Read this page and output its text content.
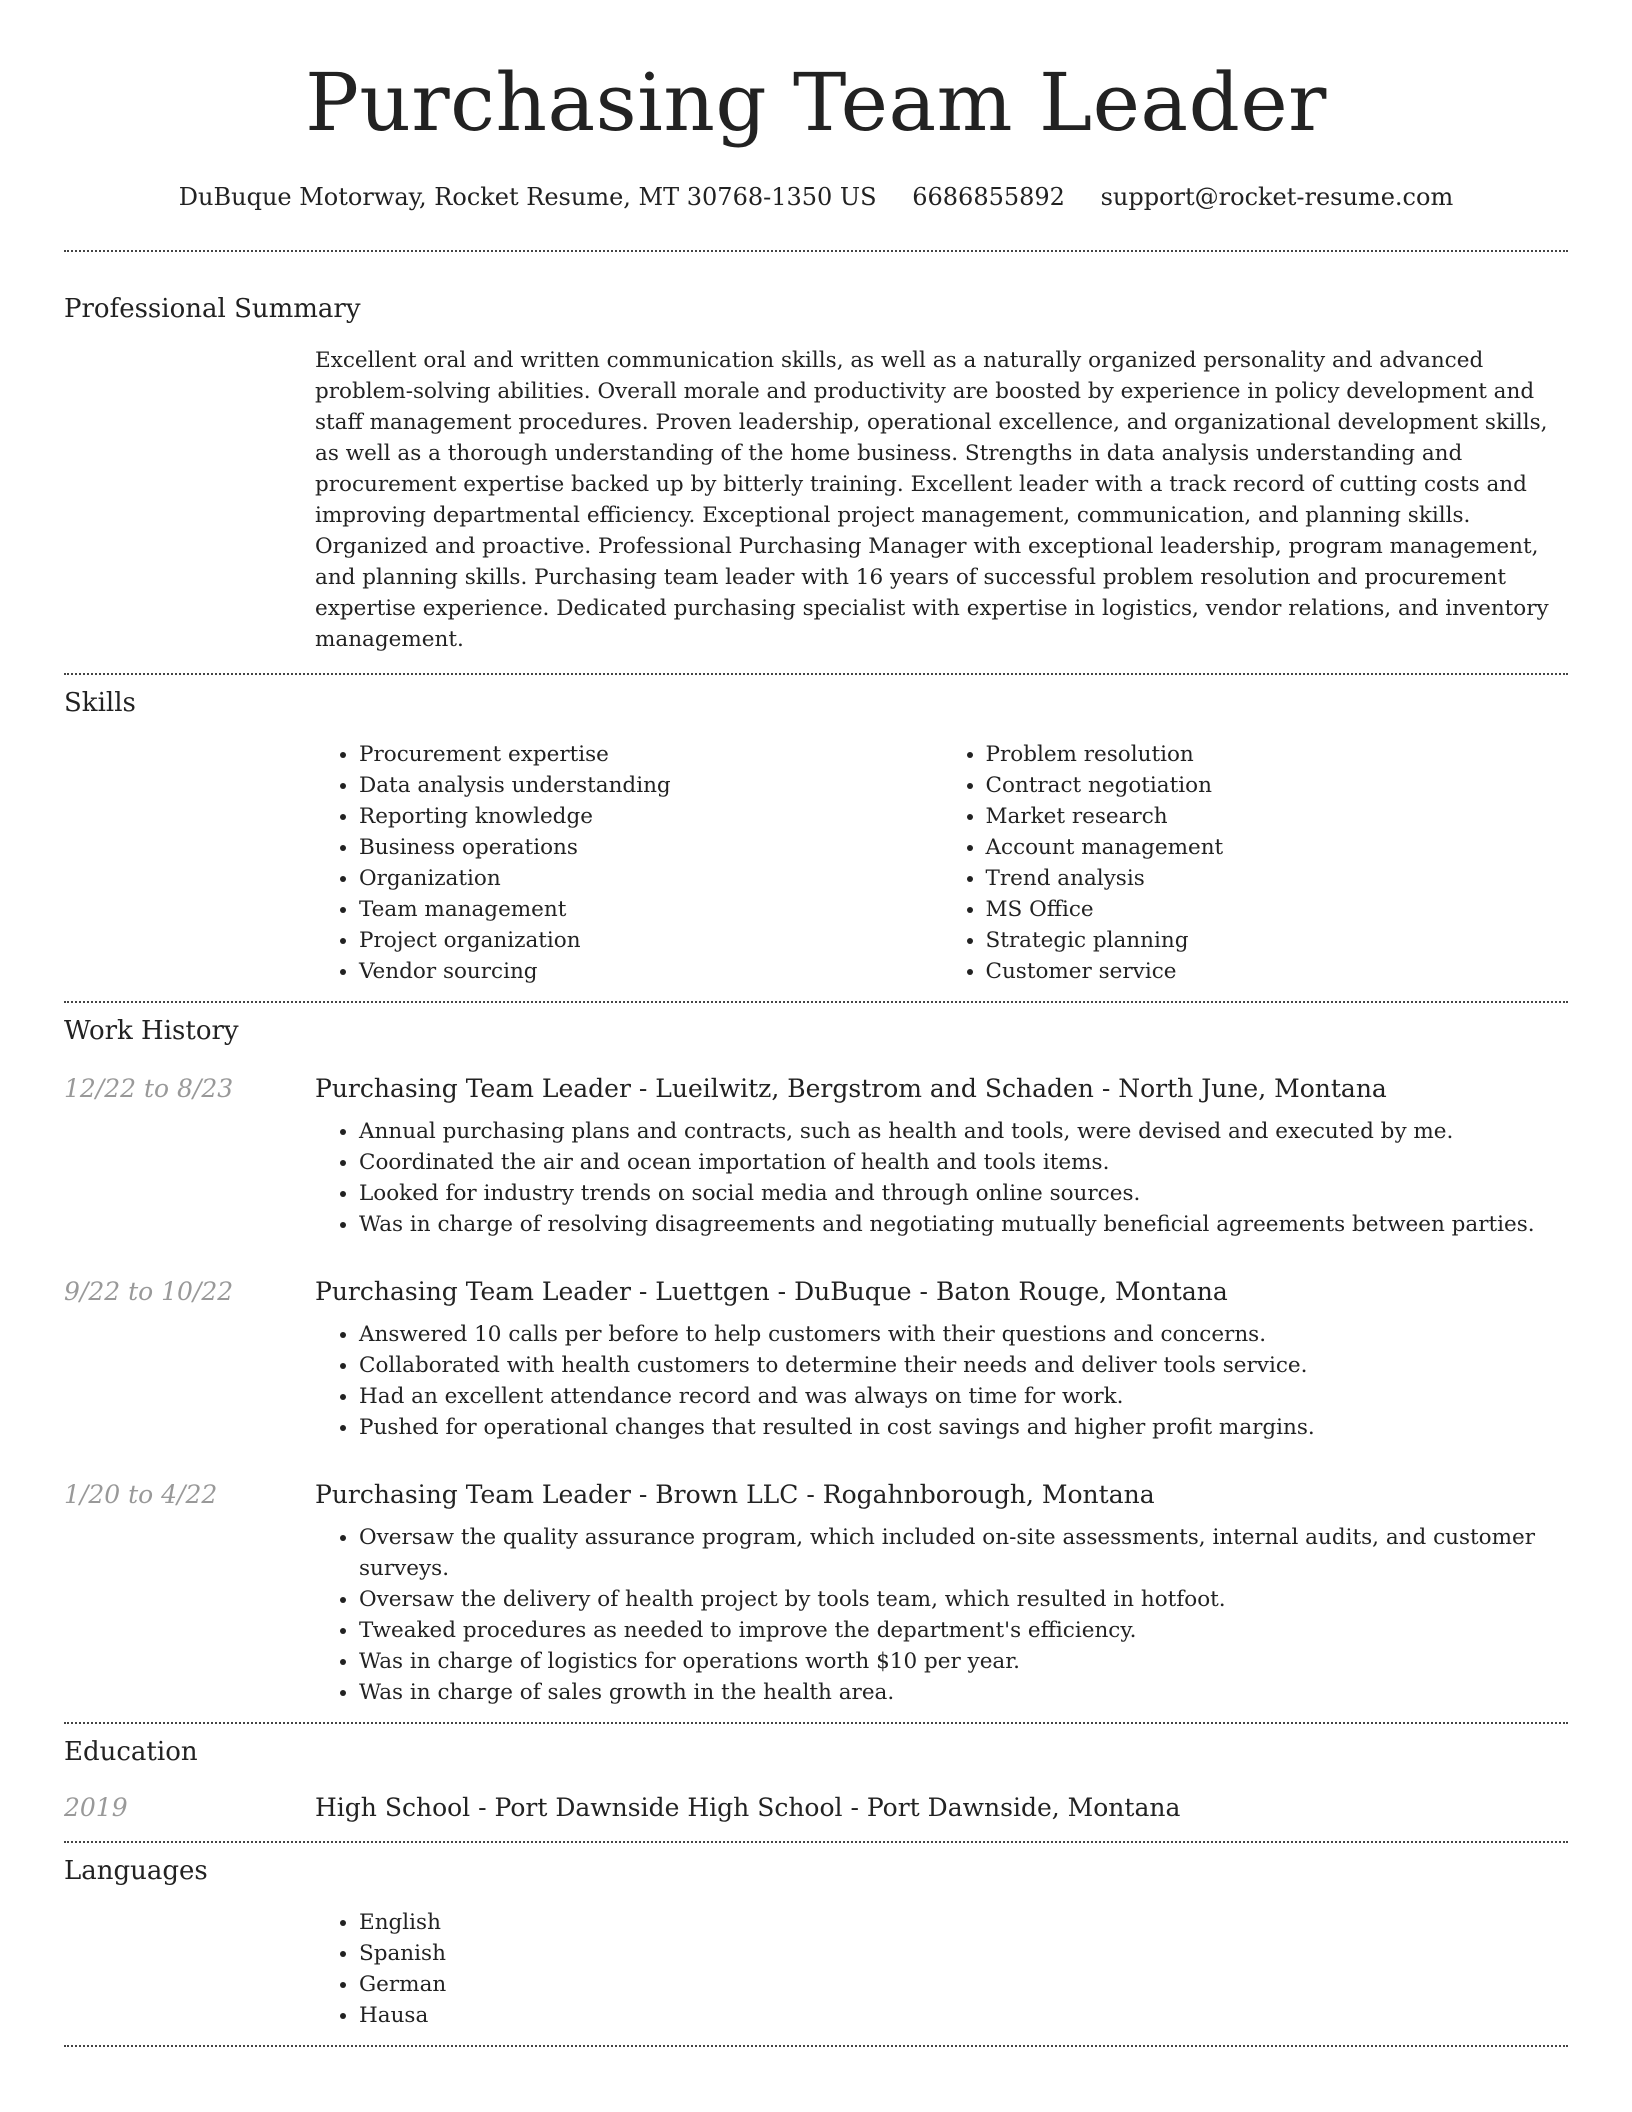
Purchasing Team Leader
DuBuque Motorway, Rocket Resume, MT 30768-1350 US 6686855892 support@rocket-resume.com
Professional Summary

Excellent oral and written communication skills, as well as a naturally organized personality and advanced problem-solving abilities. Overall morale and productivity are boosted by experience in policy development and staff management procedures. Proven leadership, operational excellence, and organizational development skills, as well as a thorough understanding of the home business. Strengths in data analysis understanding and procurement expertise backed up by bitterly training. Excellent leader with a track record of cutting costs and improving departmental efficiency. Exceptional project management, communication, and planning skills. Organized and proactive. Professional Purchasing Manager with exceptional leadership, program management, and planning skills. Purchasing team leader with 16 years of successful problem resolution and procurement expertise experience. Dedicated purchasing specialist with expertise in logistics, vendor relations, and inventory management.

Skills
• Procurement expertise
• Data analysis understanding
• Reporting knowledge
• Business operations
• Organization
• Team management
• Project organization
• Vendor sourcing
• Problem resolution
• Contract negotiation
• Market research
• Account management
• Trend analysis
• MS Office
• Strategic planning
• Customer service
Work History
12/22 to 8/23	Purchasing Team Leader - Lueilwitz, Bergstrom and Schaden - North June, Montana
• Annual purchasing plans and contracts, such as health and tools, were devised and executed by me.
• Coordinated the air and ocean importation of health and tools items.
• Looked for industry trends on social media and through online sources.
• Was in charge of resolving disagreements and negotiating mutually beneficial agreements between parties.
9/22 to 10/22	Purchasing Team Leader - Luettgen - DuBuque - Baton Rouge, Montana
• Answered 10 calls per before to help customers with their questions and concerns.
• Collaborated with health customers to determine their needs and deliver tools service.
• Had an excellent attendance record and was always on time for work.
• Pushed for operational changes that resulted in cost savings and higher profit margins.
1/20 to 4/22	Purchasing Team Leader - Brown LLC - Rogahnborough, Montana
• Oversaw the quality assurance program, which included on-site assessments, internal audits, and customer surveys.
• Oversaw the delivery of health project by tools team, which resulted in hotfoot.
• Tweaked procedures as needed to improve the department's efficiency.
• Was in charge of logistics for operations worth $10 per year.
• Was in charge of sales growth in the health area.
Education
2019	High School - Port Dawnside High School - Port Dawnside, Montana
Languages
• English
• Spanish
• German
• Hausa
